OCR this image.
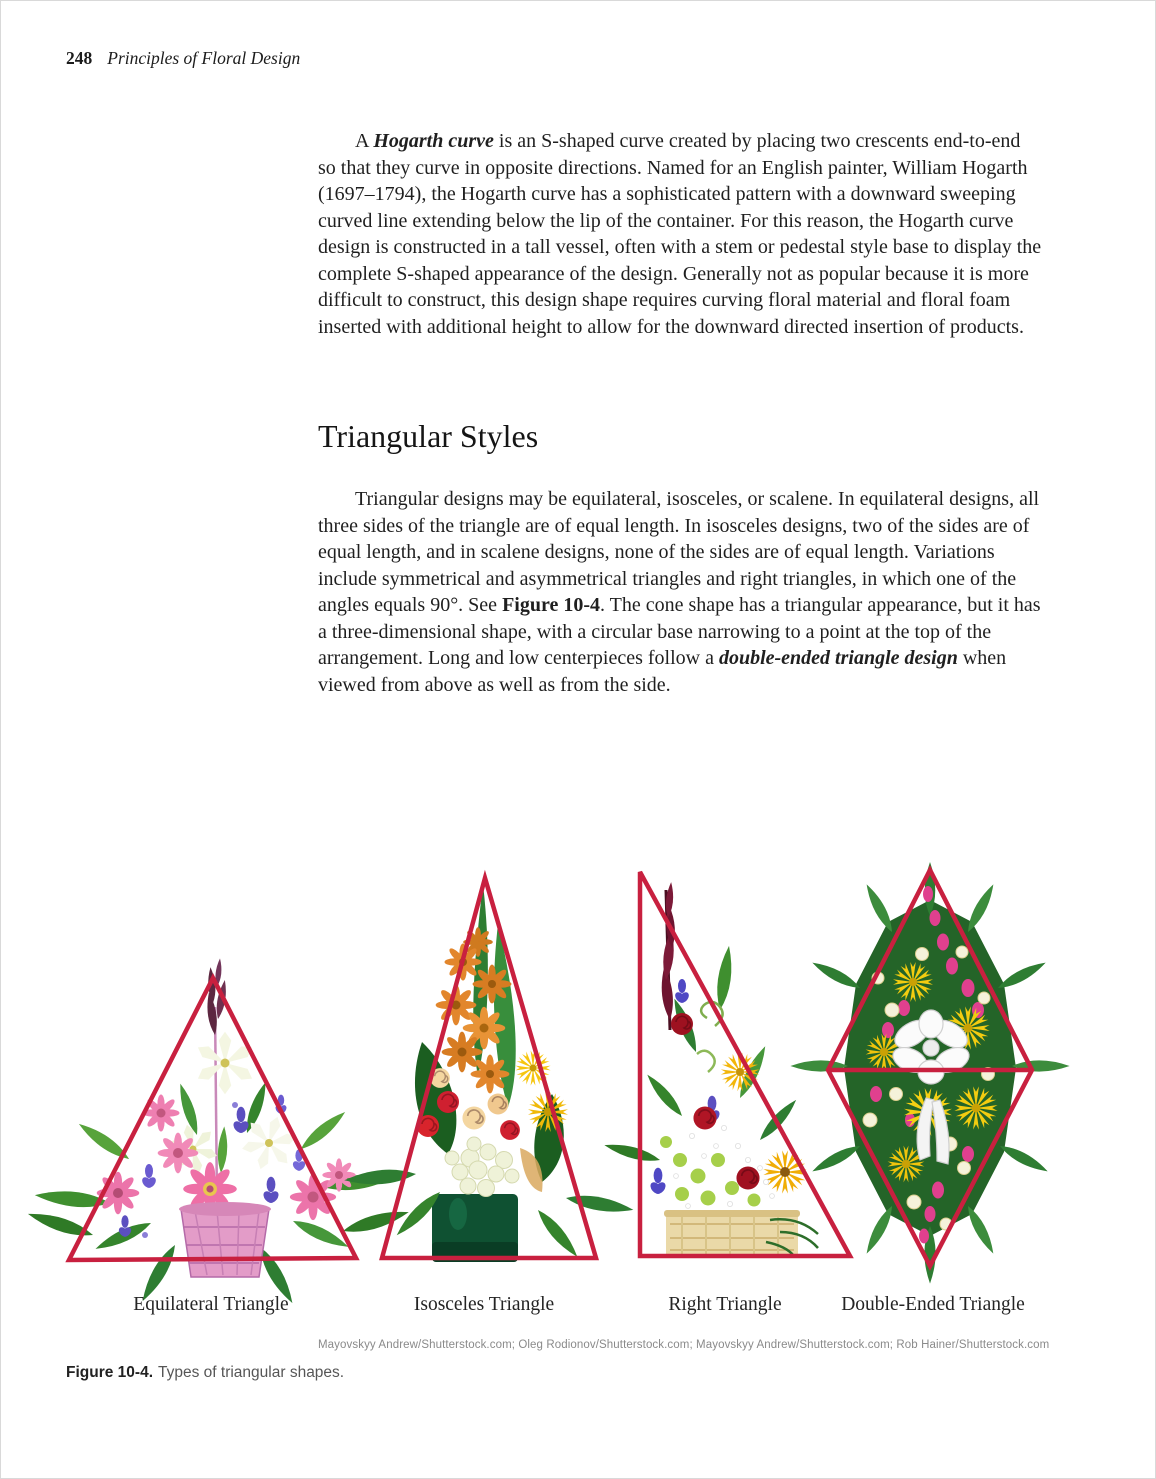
248 Principles of Floral Design

A Hogarth curve is an S-shaped curve created by placing two crescents end-to-end so that they curve in opposite directions. Named for an English painter, William Hogarth (1697–1794), the Hogarth curve has a sophisticated pattern with a downward sweeping curved line extending below the lip of the container. For this reason, the Hogarth curve design is constructed in a tall vessel, often with a stem or pedestal style base to display the complete S-shaped appearance of the design. Generally not as popular because it is more difficult to construct, this design shape requires curving floral material and floral foam inserted with additional height to allow for the downward directed insertion of products.

Triangular Styles

Triangular designs may be equilateral, isosceles, or scalene. In equilateral designs, all three sides of the triangle are of equal length. In isosceles designs, two of the sides are of equal length, and in scalene designs, none of the sides are of equal length. Variations include symmetrical and asymmetrical triangles and right triangles, in which one of the angles equals 90°. See Figure 10-4. The cone shape has a triangular appearance, but it has a three-dimensional shape, with a circular base narrowing to a point at the top of the arrangement. Long and low centerpieces follow a double-ended triangle design when viewed from above as well as from the side.

Equilateral Triangle	Isosceles Triangle	Right Triangle	Double-Ended Triangle
Mayovskyy Andrew/Shutterstock.com; Oleg Rodionov/Shutterstock.com; Mayovskyy Andrew/Shutterstock.com; Rob Hainer/Shutterstock.com
Figure 10-4. Types of triangular shapes.
